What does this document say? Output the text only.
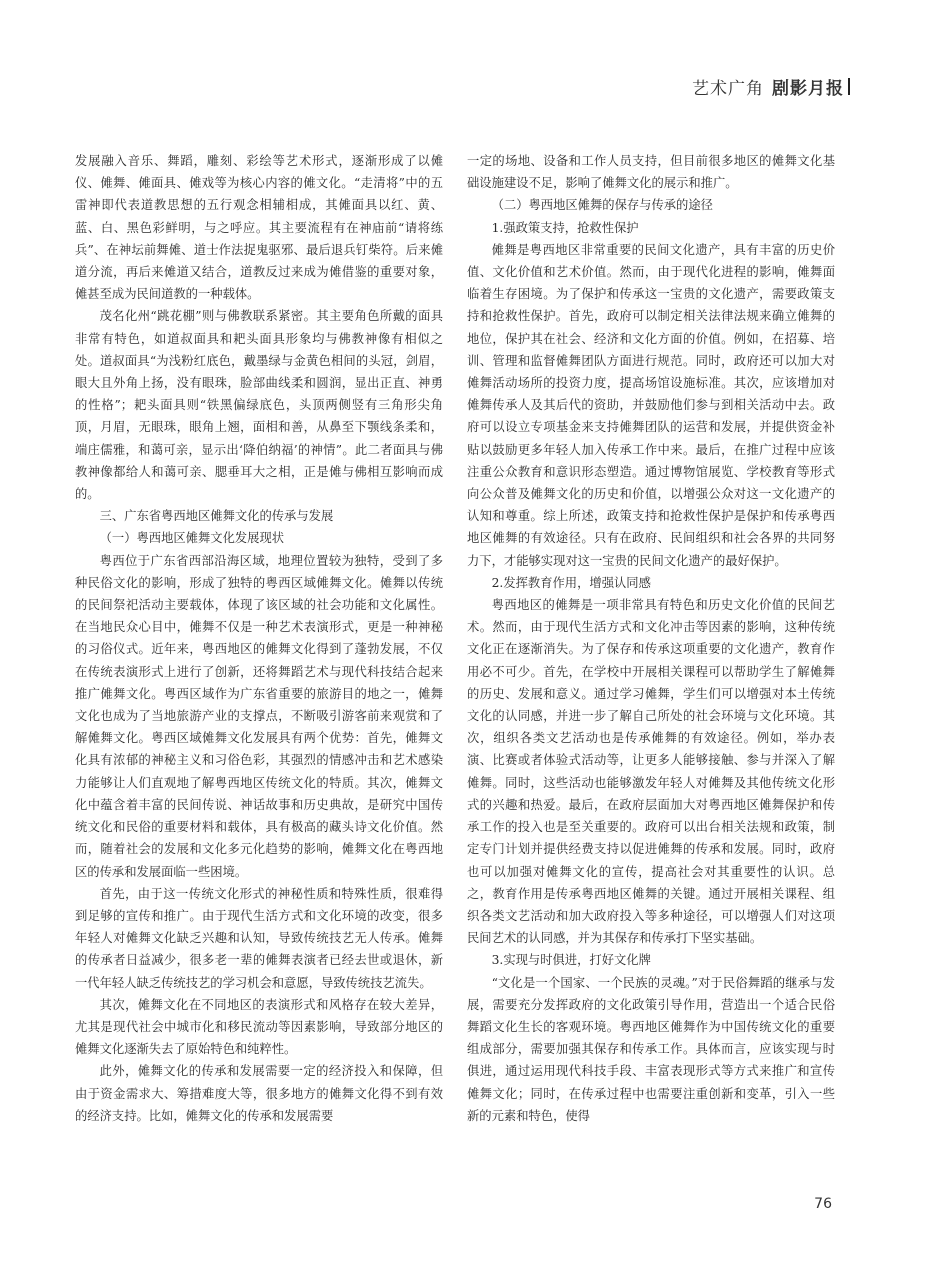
艺术广角 剧影月报

发展融入音乐、舞蹈，雕刻、彩绘等艺术形式，逐渐形成了以傩仪、傩舞、傩面具、傩戏等为核心内容的傩文化。“走清将”中的五雷神即代表道教思想的五行观念相辅相成，其傩面具以红、黄、蓝、白、黑色彩鲜明，与之呼应。其主要流程有在神庙前“请将练兵”、在神坛前舞傩、道士作法捉鬼驱邪、最后退兵钉柴符。后来傩道分流，再后来傩道又结合，道教反过来成为傩借鉴的重要对象，傩甚至成为民间道教的一种载体。

茂名化州“跳花棚”则与佛教联系紧密。其主要角色所戴的面具非常有特色，如道叔面具和耙头面具形象均与佛教神像有相似之处。道叔面具“为浅粉红底色，戴墨绿与金黄色相间的头冠，剑眉，眼大且外角上扬，没有眼珠，脸部曲线柔和圆润，显出正直、神勇的性格”；耙头面具则“铁黑偏绿底色，头顶两侧竖有三角形尖角顶，月眉，无眼珠，眼角上翘，面相和善，从鼻至下颚线条柔和，端庄儒雅，和蔼可亲，显示出‘降伯纳福’的神情”。此二者面具与佛教神像都给人和蔼可亲、腮垂耳大之相，正是傩与佛相互影响而成的。

三、广东省粤西地区傩舞文化的传承与发展

（一）粤西地区傩舞文化发展现状

粤西位于广东省西部沿海区域，地理位置较为独特，受到了多种民俗文化的影响，形成了独特的粤西区域傩舞文化。傩舞以传统的民间祭祀活动主要载体，体现了该区域的社会功能和文化属性。在当地民众心目中，傩舞不仅是一种艺术表演形式，更是一种神秘的习俗仪式。近年来，粤西地区的傩舞文化得到了蓬勃发展，不仅在传统表演形式上进行了创新，还将舞蹈艺术与现代科技结合起来推广傩舞文化。粤西区域作为广东省重要的旅游目的地之一，傩舞文化也成为了当地旅游产业的支撑点，不断吸引游客前来观赏和了解傩舞文化。粤西区域傩舞文化发展具有两个优势：首先，傩舞文化具有浓郁的神秘主义和习俗色彩，其强烈的情感冲击和艺术感染力能够让人们直观地了解粤西地区传统文化的特质。其次，傩舞文化中蕴含着丰富的民间传说、神话故事和历史典故，是研究中国传统文化和民俗的重要材料和载体，具有极高的藏头诗文化价值。然而，随着社会的发展和文化多元化趋势的影响，傩舞文化在粤西地区的传承和发展面临一些困境。

首先，由于这一传统文化形式的神秘性质和特殊性质，很难得到足够的宣传和推广。由于现代生活方式和文化环境的改变，很多年轻人对傩舞文化缺乏兴趣和认知，导致传统技艺无人传承。傩舞的传承者日益减少，很多老一辈的傩舞表演者已经去世或退休，新一代年轻人缺乏传统技艺的学习机会和意愿，导致传统技艺流失。

其次，傩舞文化在不同地区的表演形式和风格存在较大差异，尤其是现代社会中城市化和移民流动等因素影响，导致部分地区的傩舞文化逐渐失去了原始特色和纯粹性。

此外，傩舞文化的传承和发展需要一定的经济投入和保障，但由于资金需求大、筹措难度大等，很多地方的傩舞文化得不到有效的经济支持。比如，傩舞文化的传承和发展需要

一定的场地、设备和工作人员支持，但目前很多地区的傩舞文化基础设施建设不足，影响了傩舞文化的展示和推广。

（二）粤西地区傩舞的保存与传承的途径

1.强政策支持，抢救性保护

傩舞是粤西地区非常重要的民间文化遗产，具有丰富的历史价值、文化价值和艺术价值。然而，由于现代化进程的影响，傩舞面临着生存困境。为了保护和传承这一宝贵的文化遗产，需要政策支持和抢救性保护。首先，政府可以制定相关法律法规来确立傩舞的地位，保护其在社会、经济和文化方面的价值。例如，在招募、培训、管理和监督傩舞团队方面进行规范。同时，政府还可以加大对傩舞活动场所的投资力度，提高场馆设施标准。其次，应该增加对傩舞传承人及其后代的资助，并鼓励他们参与到相关活动中去。政府可以设立专项基金来支持傩舞团队的运营和发展，并提供资金补贴以鼓励更多年轻人加入传承工作中来。最后，在推广过程中应该注重公众教育和意识形态塑造。通过博物馆展览、学校教育等形式向公众普及傩舞文化的历史和价值，以增强公众对这一文化遗产的认知和尊重。综上所述，政策支持和抢救性保护是保护和传承粤西地区傩舞的有效途径。只有在政府、民间组织和社会各界的共同努力下，才能够实现对这一宝贵的民间文化遗产的最好保护。

2.发挥教育作用，增强认同感

粤西地区的傩舞是一项非常具有特色和历史文化价值的民间艺术。然而，由于现代生活方式和文化冲击等因素的影响，这种传统文化正在逐渐消失。为了保存和传承这项重要的文化遗产，教育作用必不可少。首先，在学校中开展相关课程可以帮助学生了解傩舞的历史、发展和意义。通过学习傩舞，学生们可以增强对本土传统文化的认同感，并进一步了解自己所处的社会环境与文化环境。其次，组织各类文艺活动也是传承傩舞的有效途径。例如，举办表演、比赛或者体验式活动等，让更多人能够接触、参与并深入了解傩舞。同时，这些活动也能够激发年轻人对傩舞及其他传统文化形式的兴趣和热爱。最后，在政府层面加大对粤西地区傩舞保护和传承工作的投入也是至关重要的。政府可以出台相关法规和政策，制定专门计划并提供经费支持以促进傩舞的传承和发展。同时，政府也可以加强对傩舞文化的宣传，提高社会对其重要性的认识。总之，教育作用是传承粤西地区傩舞的关键。通过开展相关课程、组织各类文艺活动和加大政府投入等多种途径，可以增强人们对这项民间艺术的认同感，并为其保存和传承打下坚实基础。

3.实现与时俱进，打好文化牌

“文化是一个国家、一个民族的灵魂。”对于民俗舞蹈的继承与发展，需要充分发挥政府的文化政策引导作用，营造出一个适合民俗舞蹈文化生长的客观环境。粤西地区傩舞作为中国传统文化的重要组成部分，需要加强其保存和传承工作。具体而言，应该实现与时俱进，通过运用现代科技手段、丰富表现形式等方式来推广和宣传傩舞文化；同时，在传承过程中也需要注重创新和变革，引入一些新的元素和特色，使得

76
